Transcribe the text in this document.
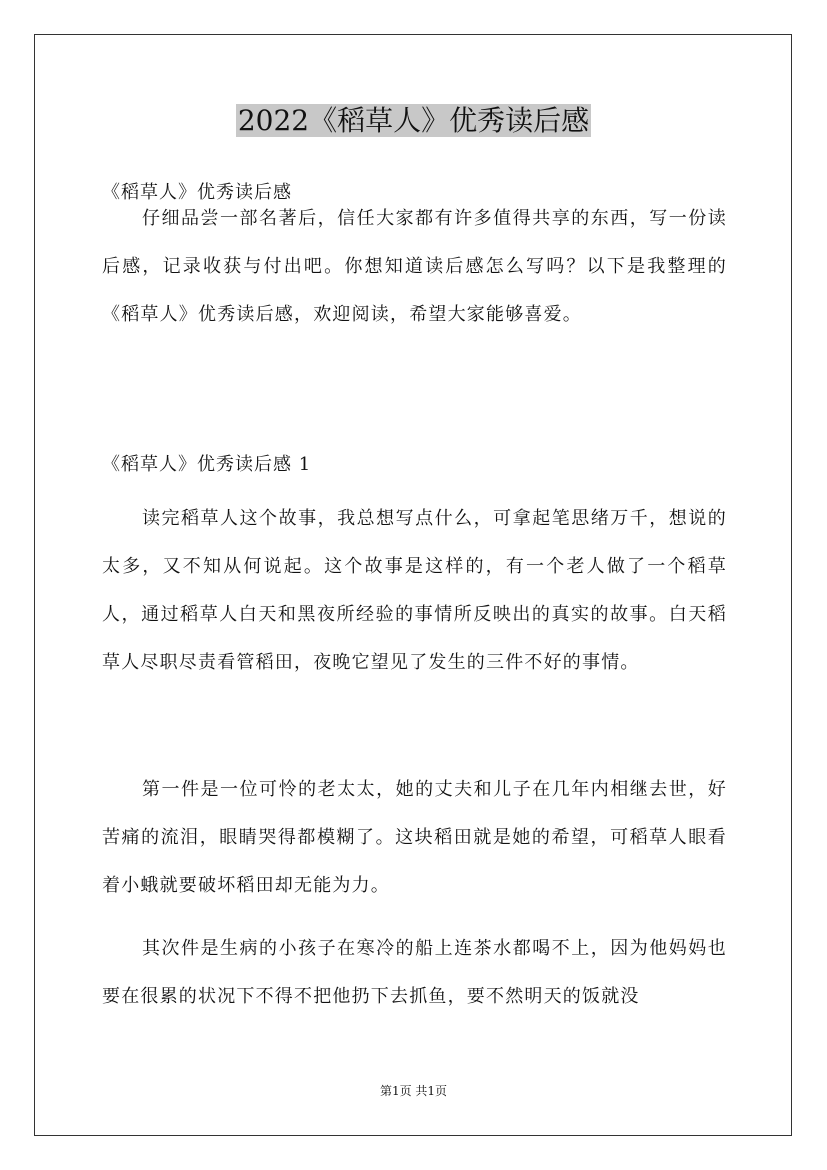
2022《稻草人》优秀读后感

《稻草人》优秀读后感

仔细品尝一部名著后，信任大家都有许多值得共享的东西，写一份读后感，记录收获与付出吧。你想知道读后感怎么写吗？以下是我整理的《稻草人》优秀读后感，欢迎阅读，希望大家能够喜爱。

《稻草人》优秀读后感 1

读完稻草人这个故事，我总想写点什么，可拿起笔思绪万千，想说的太多，又不知从何说起。这个故事是这样的，有一个老人做了一个稻草人，通过稻草人白天和黑夜所经验的事情所反映出的真实的故事。白天稻草人尽职尽责看管稻田，夜晚它望见了发生的三件不好的事情。

第一件是一位可怜的老太太，她的丈夫和儿子在几年内相继去世，好苦痛的流泪，眼睛哭得都模糊了。这块稻田就是她的希望，可稻草人眼看着小蛾就要破坏稻田却无能为力。

其次件是生病的小孩子在寒冷的船上连茶水都喝不上，因为他妈妈也要在很累的状况下不得不把他扔下去抓鱼，要不然明天的饭就没

第1页 共1页
